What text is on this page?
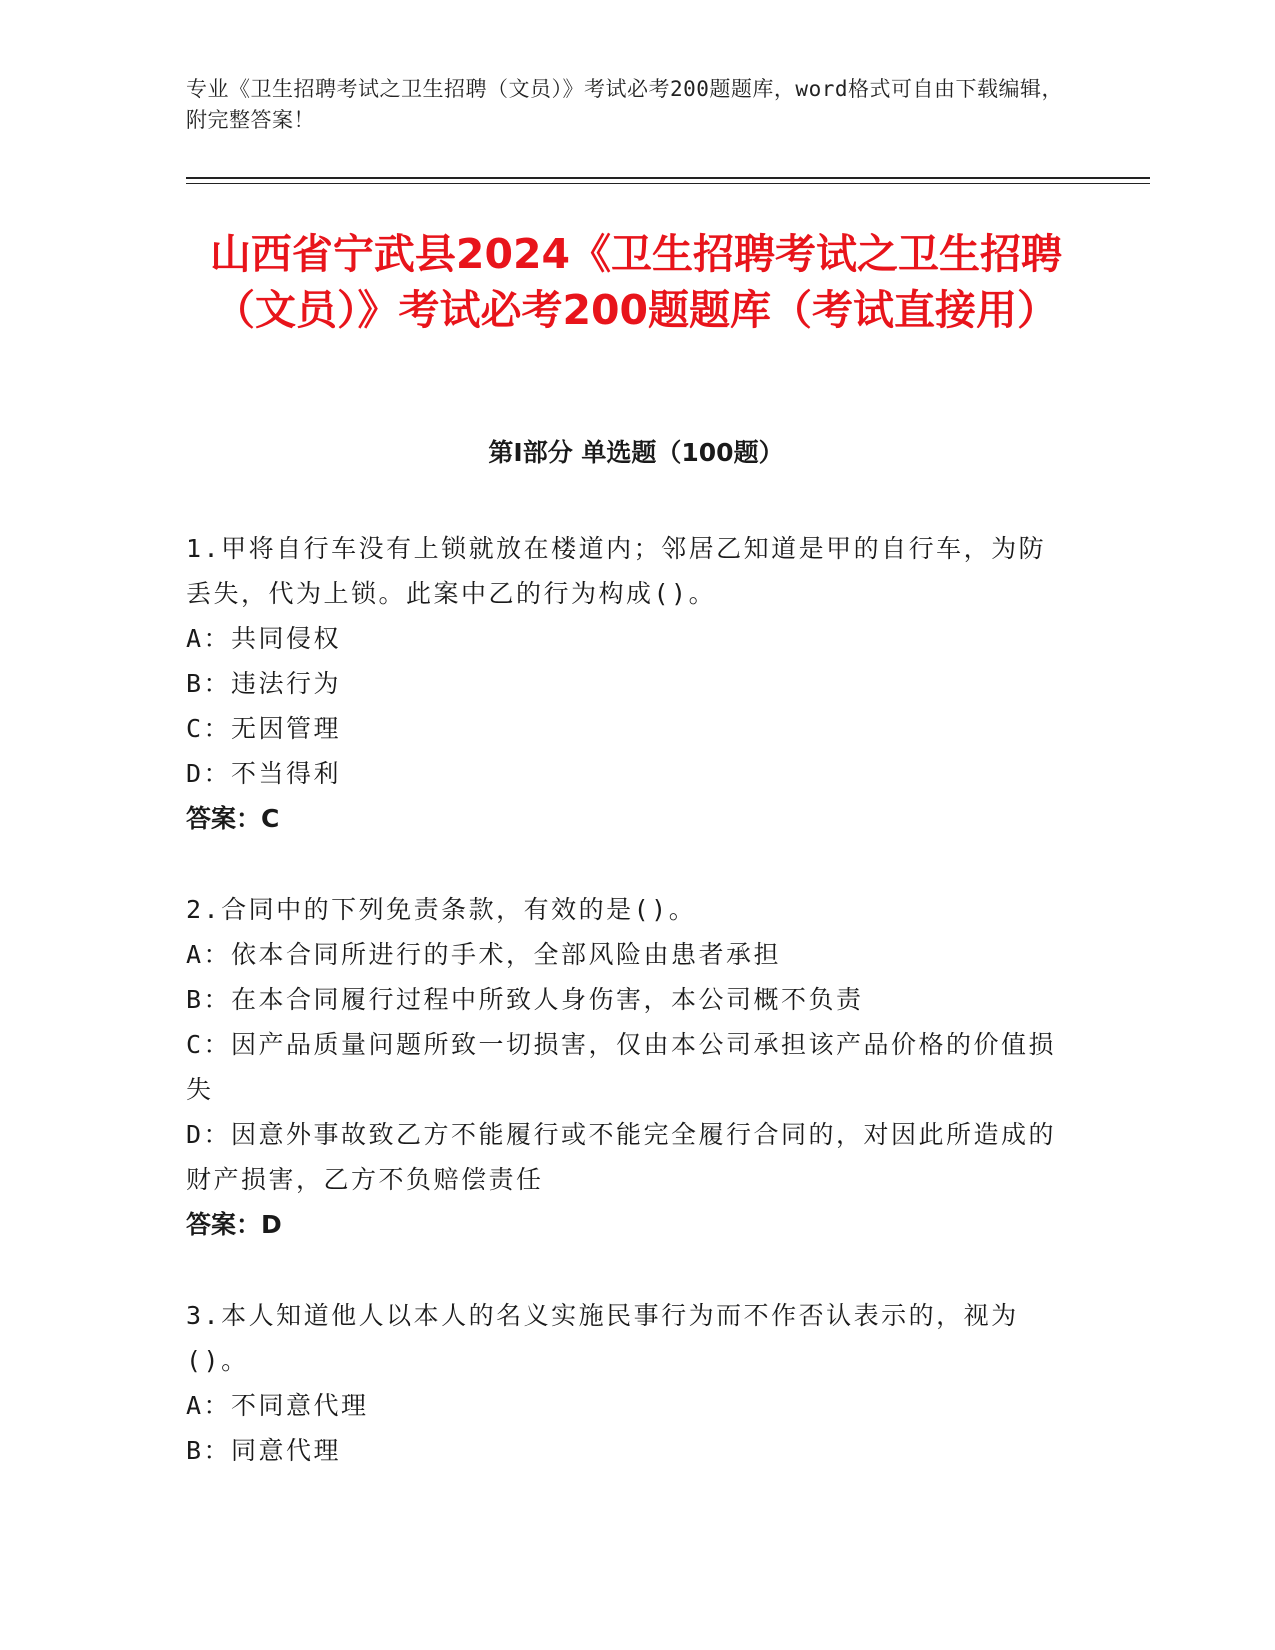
专业《卫生招聘考试之卫生招聘（文员）》考试必考200题题库，word格式可自由下载编辑，附完整答案！
山西省宁武县2024《卫生招聘考试之卫生招聘（文员）》考试必考200题题库（考试直接用）
第Ⅰ部分 单选题（100题）
1.甲将自行车没有上锁就放在楼道内；邻居乙知道是甲的自行车，为防丢失，代为上锁。此案中乙的行为构成()。
A：共同侵权
B：违法行为
C：无因管理
D：不当得利
答案：C
2.合同中的下列免责条款，有效的是()。
A：依本合同所进行的手术，全部风险由患者承担
B：在本合同履行过程中所致人身伤害，本公司概不负责
C：因产品质量问题所致一切损害，仅由本公司承担该产品价格的价值损失
D：因意外事故致乙方不能履行或不能完全履行合同的，对因此所造成的财产损害，乙方不负赔偿责任
答案：D
3.本人知道他人以本人的名义实施民事行为而不作否认表示的，视为()。
A：不同意代理
B：同意代理
